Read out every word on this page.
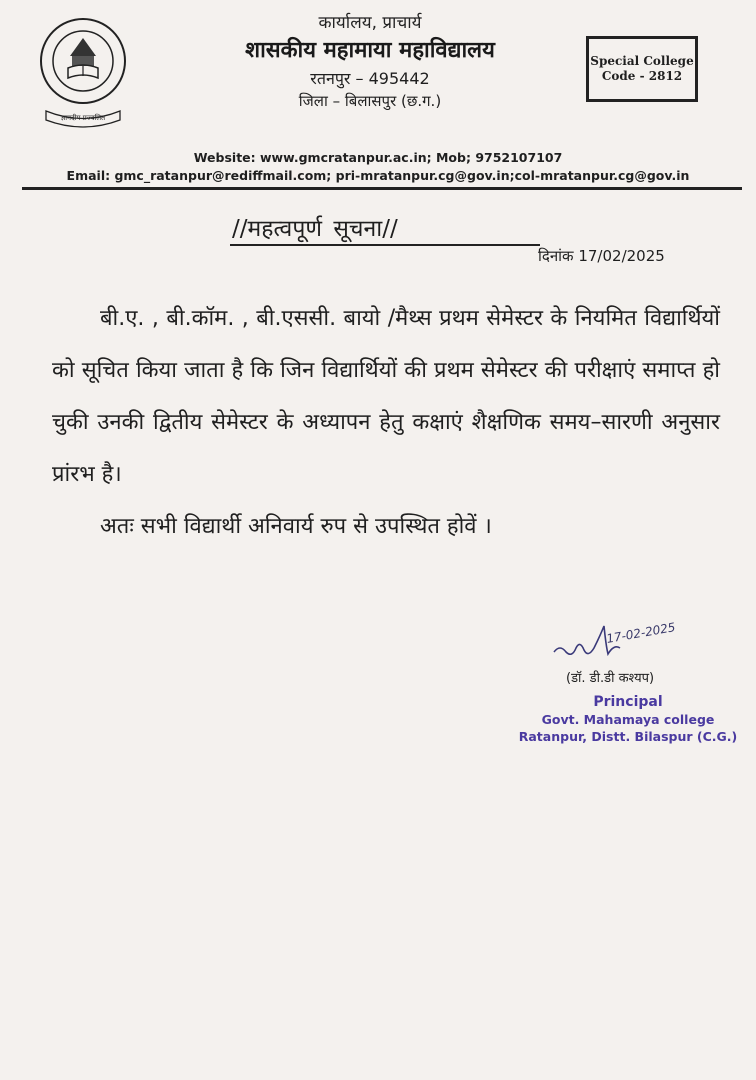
ज्ञानदीप प्रज्वलित
कार्यालय, प्राचार्य
शासकीय महामाया महाविद्यालय
रतनपुर – 495442
जिला – बिलासपुर (छ.ग.)
Special College
Code - 2812
Website: www.gmcratanpur.ac.in; Mob; 9752107107
Email: gmc_ratanpur@rediffmail.com; pri-mratanpur.cg@gov.in;col-mratanpur.cg@gov.in
//महत्वपूर्ण सूचना//
दिनांक 17/02/2025

बी.ए. , बी.कॉम. , बी.एससी. बायो /मैथ्स प्रथम सेमेस्टर के नियमित विद्यार्थियों को सूचित किया जाता है कि जिन विद्यार्थियों की प्रथम सेमेस्टर की परीक्षाएं समाप्त हो चुकी उनकी द्वितीय सेमेस्टर के अध्यापन हेतु कक्षाएं शैक्षणिक समय–सारणी अनुसार प्रांरभ है।

अतः सभी विद्यार्थी अनिवार्य रुप से उपस्थित होवें ।

17-02-2025
(डॉ. डी.डी कश्यप)
Principal
Govt. Mahamaya college
Ratanpur, Distt. Bilaspur (C.G.)
